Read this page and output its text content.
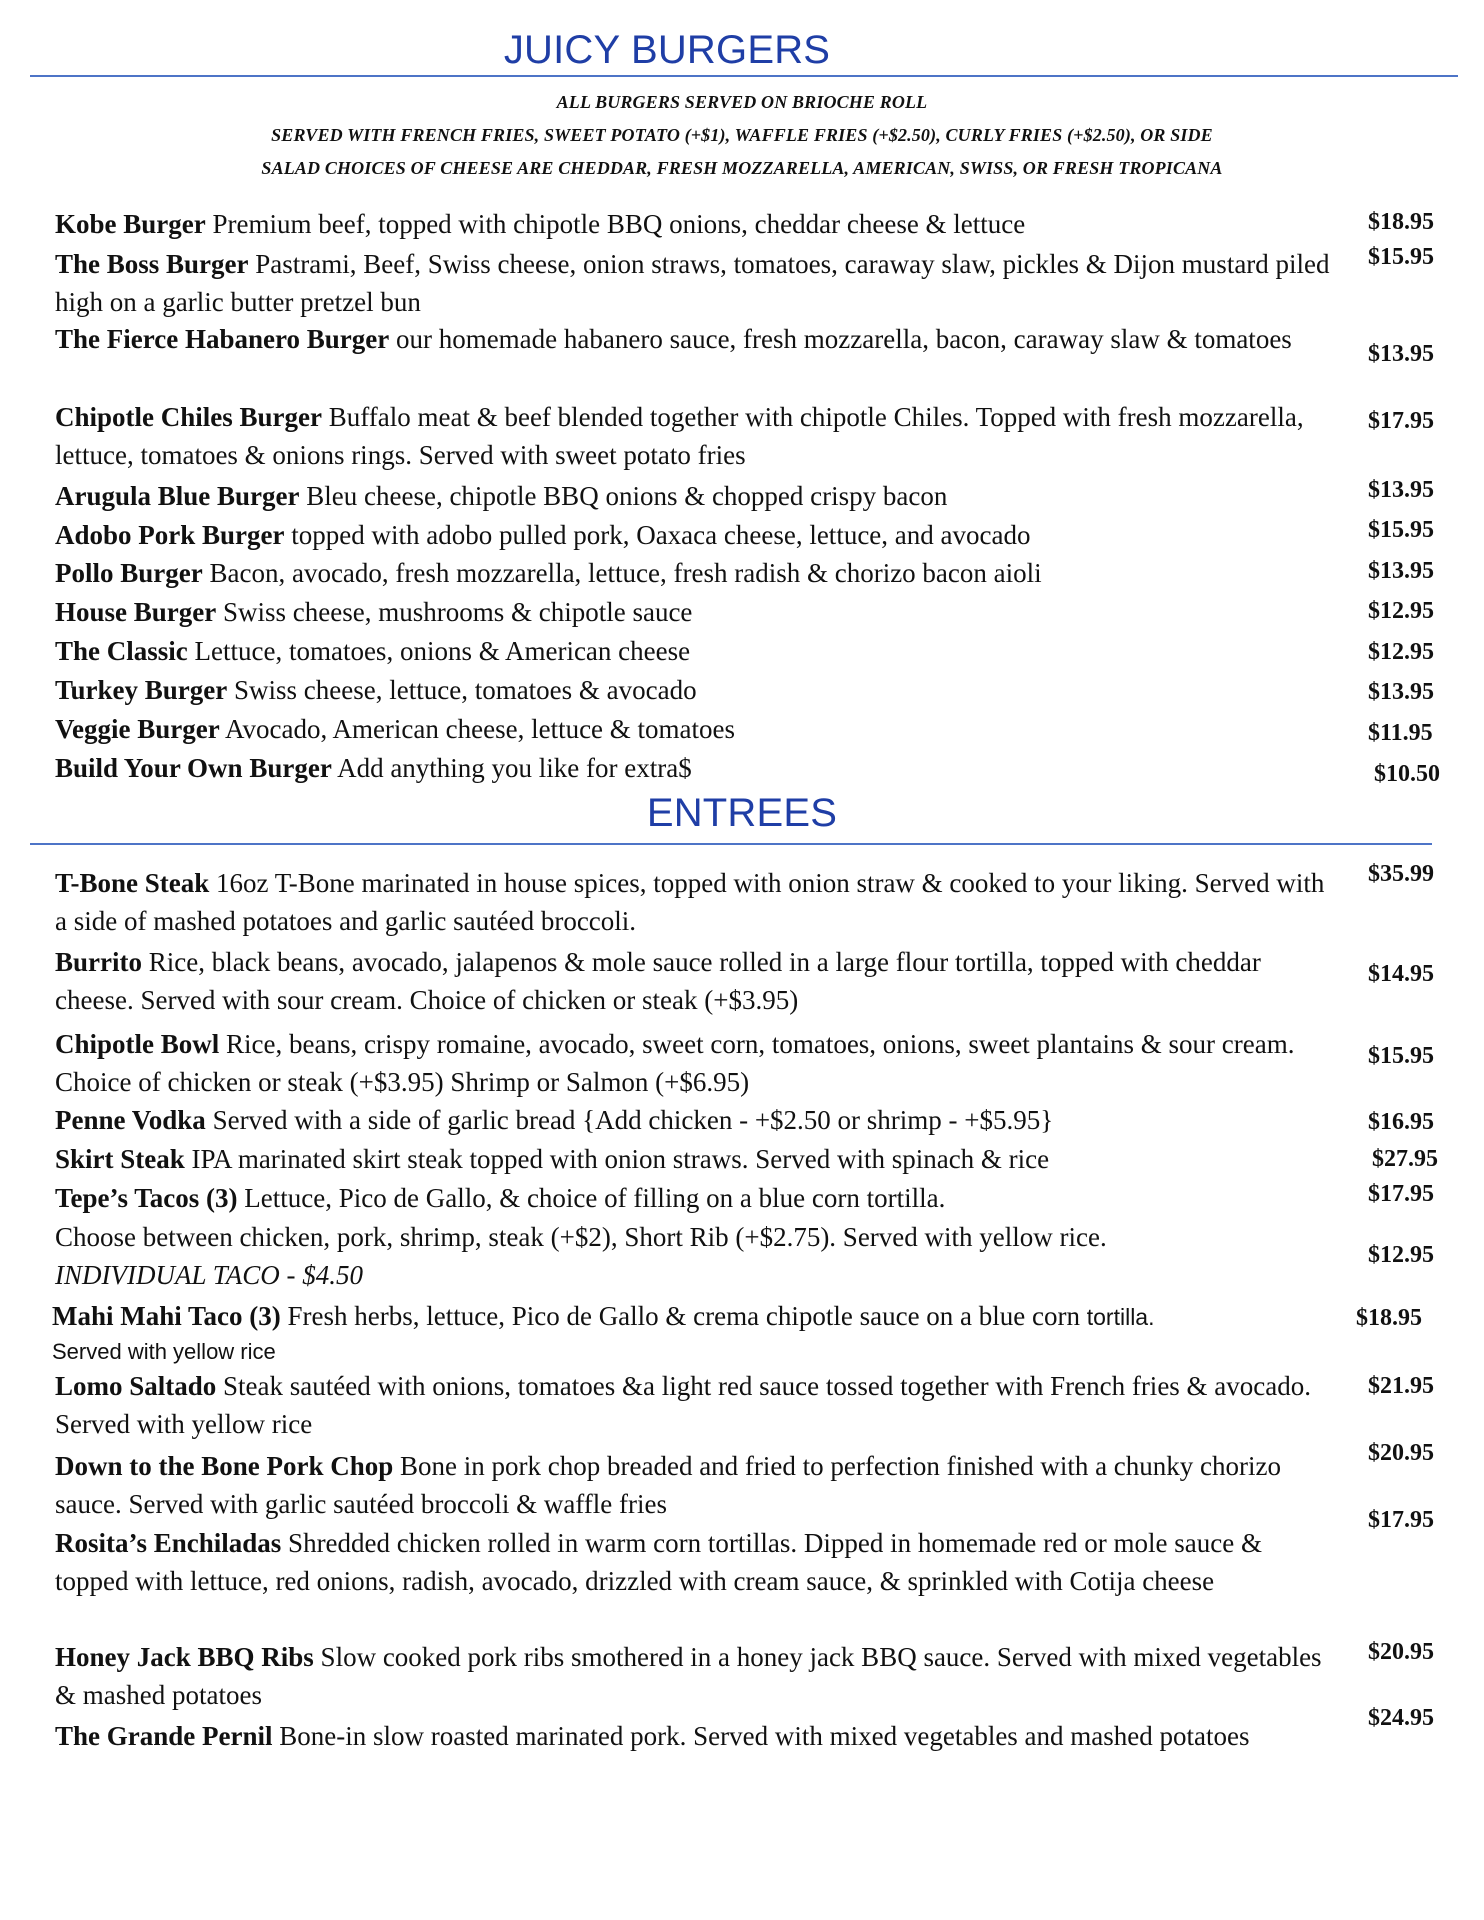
JUICY BURGERS
ALL BURGERS SERVED ON BRIOCHE ROLL
SERVED WITH FRENCH FRIES, SWEET POTATO (+$1), WAFFLE FRIES (+$2.50), CURLY FRIES (+$2.50), OR SIDE
SALAD CHOICES OF CHEESE ARE CHEDDAR, FRESH MOZZARELLA, AMERICAN, SWISS, OR FRESH TROPICANA
Kobe Burger Premium beef, topped with chipotle BBQ onions, cheddar cheese & lettuce	$18.95
The Boss Burger Pastrami, Beef, Swiss cheese, onion straws, tomatoes, caraway slaw, pickles & Dijon mustard piled high on a garlic butter pretzel bun
$15.95
The Fierce Habanero Burger our homemade habanero sauce, fresh mozzarella, bacon, caraway slaw & tomatoes	$13.95
Chipotle Chiles Burger Buffalo meat & beef blended together with chipotle Chiles. Topped with fresh mozzarella, lettuce, tomatoes & onions rings. Served with sweet potato fries
$17.95
Arugula Blue Burger Bleu cheese, chipotle BBQ onions & chopped crispy bacon	$13.95
Adobo Pork Burger topped with adobo pulled pork, Oaxaca cheese, lettuce, and avocado	$15.95
Pollo Burger Bacon, avocado, fresh mozzarella, lettuce, fresh radish & chorizo bacon aioli	$13.95
House Burger Swiss cheese, mushrooms & chipotle sauce	$12.95
The Classic Lettuce, tomatoes, onions & American cheese	$12.95
Turkey Burger Swiss cheese, lettuce, tomatoes & avocado	$13.95
Veggie Burger Avocado, American cheese, lettuce & tomatoes	$11.95
Build Your Own Burger Add anything you like for extra$	$10.50
ENTREES
T-Bone Steak 16oz T-Bone marinated in house spices, topped with onion straw & cooked to your liking. Served with a side of mashed potatoes and garlic sautéed broccoli.
$35.99
Burrito Rice, black beans, avocado, jalapenos & mole sauce rolled in a large flour tortilla, topped with cheddar cheese. Served with sour cream. Choice of chicken or steak (+$3.95)
$14.95
Chipotle Bowl Rice, beans, crispy romaine, avocado, sweet corn, tomatoes, onions, sweet plantains & sour cream. Choice of chicken or steak (+$3.95) Shrimp or Salmon (+$6.95)
$15.95
Penne Vodka Served with a side of garlic bread {Add chicken - +$2.50 or shrimp - +$5.95}	$16.95
Skirt Steak IPA marinated skirt steak topped with onion straws. Served with spinach & rice	$27.95
Tepe’s Tacos (3) Lettuce, Pico de Gallo, & choice of filling on a blue corn tortilla.	$17.95
Choose between chicken, pork, shrimp, steak (+$2), Short Rib (+$2.75). Served with yellow rice. INDIVIDUAL TACO - $4.50
$12.95
Mahi Mahi Taco (3) Fresh herbs, lettuce, Pico de Gallo & crema chipotle sauce on a blue corn tortilla.
Served with yellow rice
$18.95
Lomo Saltado Steak sautéed with onions, tomatoes &a light red sauce tossed together with French fries & avocado. Served with yellow rice
$21.95
Down to the Bone Pork Chop Bone in pork chop breaded and fried to perfection finished with a chunky chorizo sauce. Served with garlic sautéed broccoli & waffle fries
$20.95
Rosita’s Enchiladas Shredded chicken rolled in warm corn tortillas. Dipped in homemade red or mole sauce & topped with lettuce, red onions, radish, avocado, drizzled with cream sauce, & sprinkled with Cotija cheese
$17.95
Honey Jack BBQ Ribs Slow cooked pork ribs smothered in a honey jack BBQ sauce. Served with mixed vegetables & mashed potatoes
$20.95
The Grande Pernil Bone-in slow roasted marinated pork. Served with mixed vegetables and mashed potatoes
$24.95
